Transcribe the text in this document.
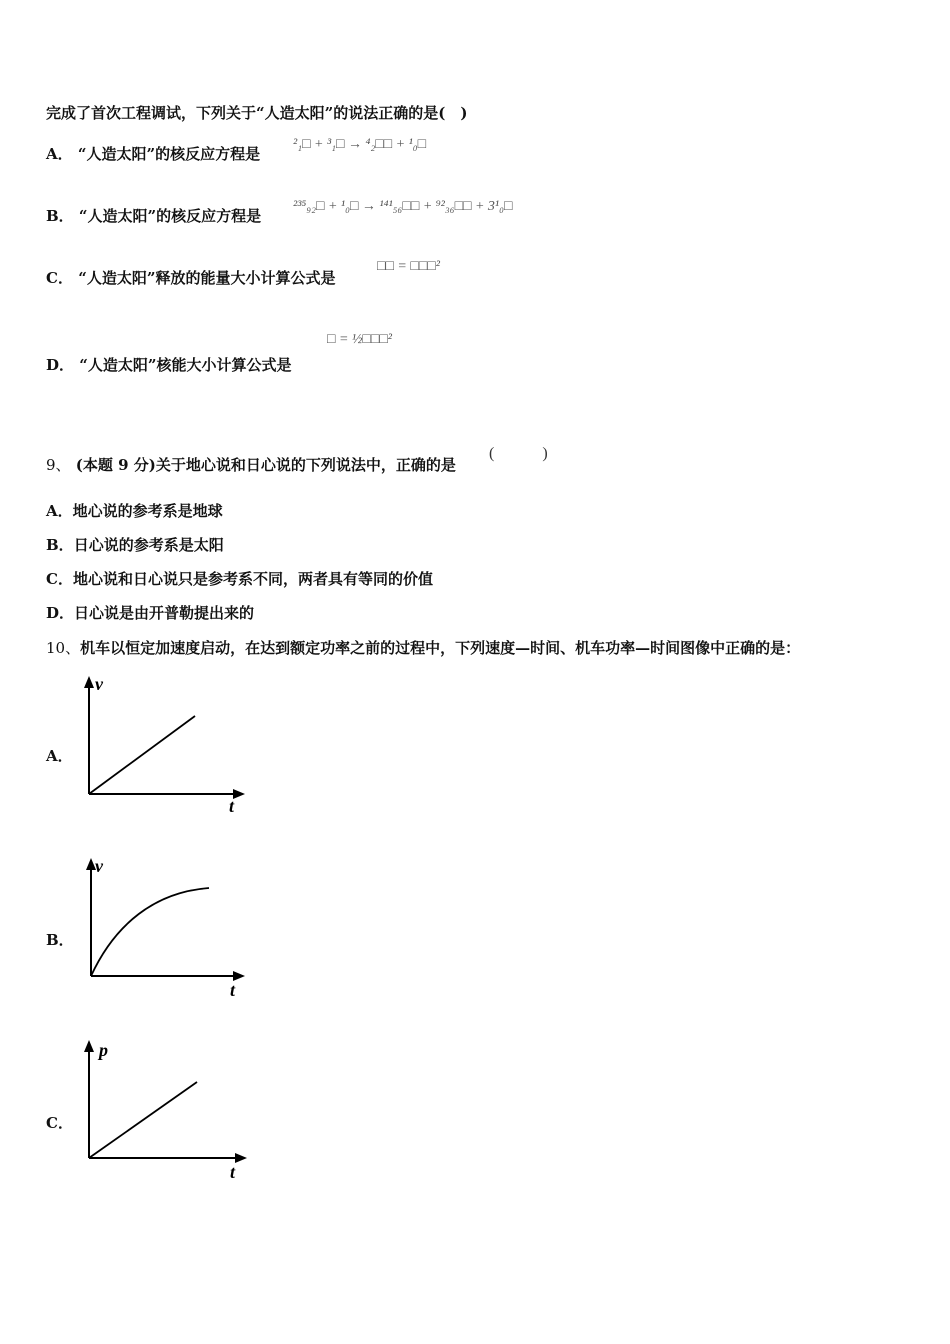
完成了首次工程调试，下列关于“人造太阳”的说法正确的是(　)
A． “人造太阳”的核反应方程是
²₁□ + ³₁□ → ⁴₂□□ + ¹₀□
B． “人造太阳”的核反应方程是
²³⁵₉₂□ + ¹₀□ → ¹⁴¹₅₆□□ + ⁹²₃₆□□ + 3¹₀□
C． “人造太阳”释放的能量大小计算公式是
□□ = □□□²
D． “人造太阳”核能大小计算公式是
□ = ½□□□²
9、 (本题 9 分)关于地心说和日心说的下列说法中，正确的是
(　　　)
A．地心说的参考系是地球
B．日心说的参考系是太阳
C．地心说和日心说只是参考系不同，两者具有等同的价值
D．日心说是由开普勒提出来的
10、机车以恒定加速度启动，在达到额定功率之前的过程中，下列速度—时间、机车功率—时间图像中正确的是：
A．
v
t
B．
v
t
C．
p
t
